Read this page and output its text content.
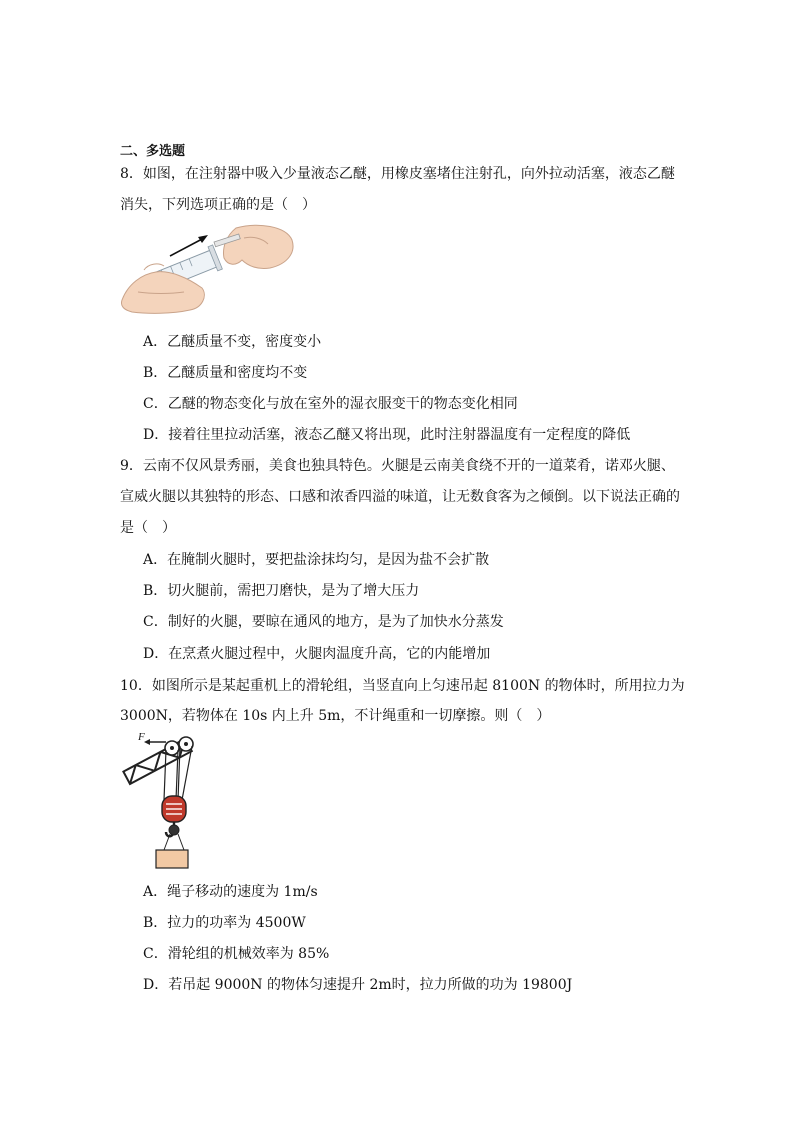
二、多选题
8．如图，在注射器中吸入少量液态乙醚，用橡皮塞堵住注射孔，向外拉动活塞，液态乙醚
消失，下列选项正确的是（　）
A．乙醚质量不变，密度变小
B．乙醚质量和密度均不变
C．乙醚的物态变化与放在室外的湿衣服变干的物态变化相同
D．接着往里拉动活塞，液态乙醚又将出现，此时注射器温度有一定程度的降低
9．云南不仅风景秀丽，美食也独具特色。火腿是云南美食绕不开的一道菜肴，诺邓火腿、
宣威火腿以其独特的形态、口感和浓香四溢的味道，让无数食客为之倾倒。以下说法正确的
是（　）
A．在腌制火腿时，要把盐涂抹均匀，是因为盐不会扩散
B．切火腿前，需把刀磨快，是为了增大压力
C．制好的火腿，要晾在通风的地方，是为了加快水分蒸发
D．在烹煮火腿过程中，火腿肉温度升高，它的内能增加
10．如图所示是某起重机上的滑轮组，当竖直向上匀速吊起 8100N 的物体时，所用拉力为
3000N，若物体在 10s 内上升 5m，不计绳重和一切摩擦。则（　）
F
A．绳子移动的速度为 1m/s
B．拉力的功率为 4500W
C．滑轮组的机械效率为 85%
D．若吊起 9000N 的物体匀速提升 2m时，拉力所做的功为 19800J
